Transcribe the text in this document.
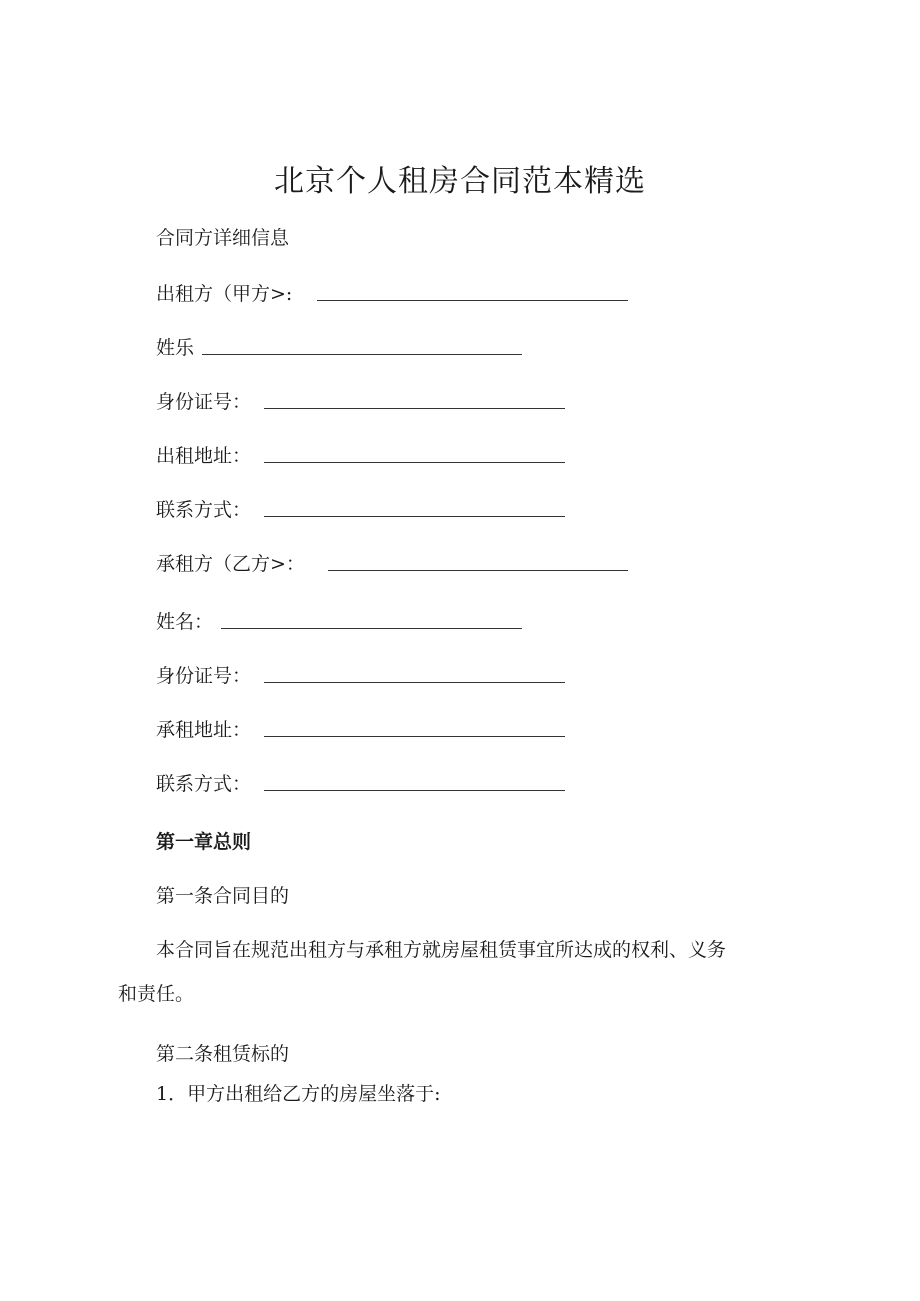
北京个人租房合同范本精选
合同方详细信息
出租方（甲方>:
姓乐
身份证号：
出租地址：
联系方式：
承租方（乙方>：
姓名：
身份证号：
承租地址：
联系方式：
第一章总则
第一条合同目的
本合同旨在规范出租方与承租方就房屋租赁事宜所达成的权利、义务
和责任。
第二条租赁标的
1．甲方出租给乙方的房屋坐落于:
